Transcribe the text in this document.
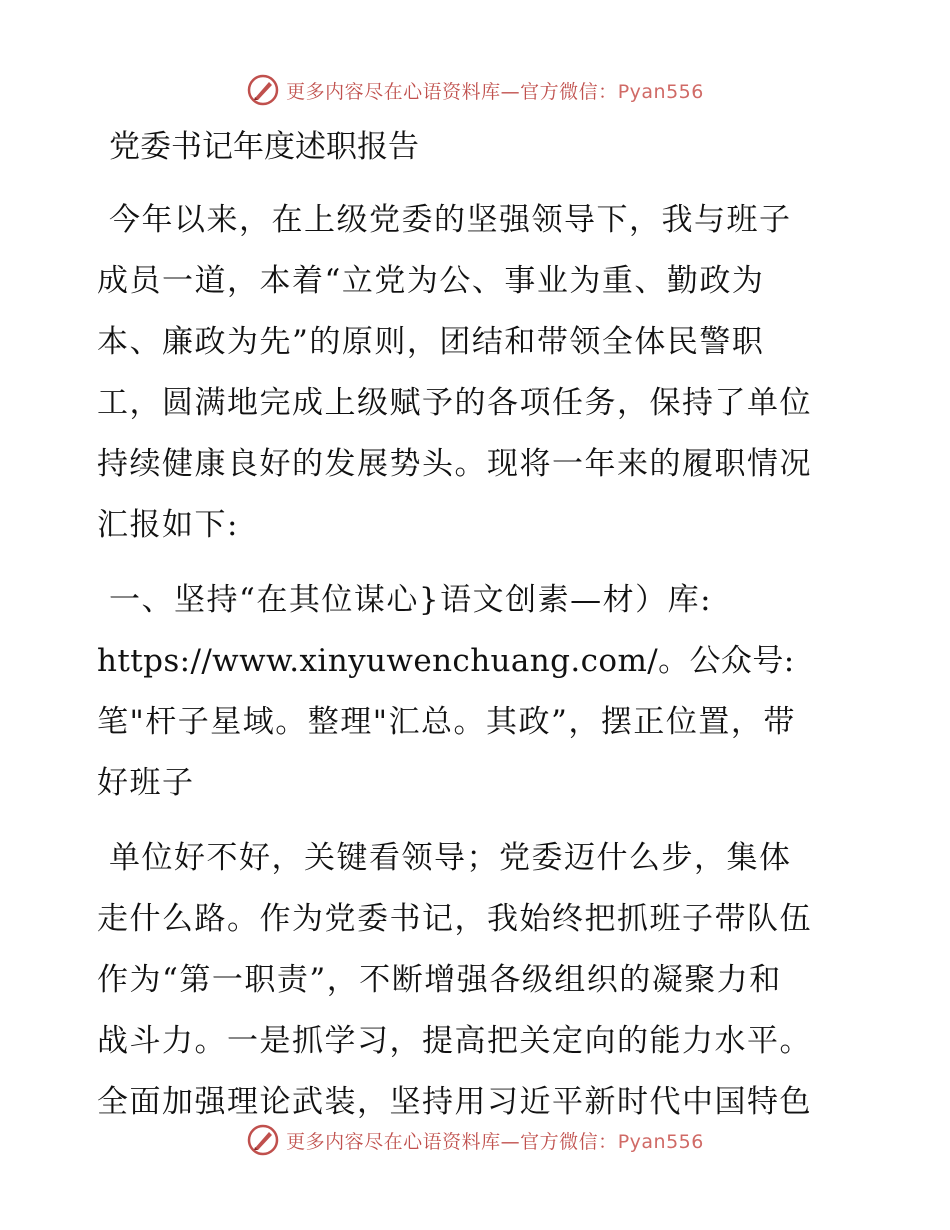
更多内容尽在心语资料库—官方微信：Pyan556
党委书记年度述职报告
今年以来，在上级党委的坚强领导下，我与班子
成员一道，本着“立党为公、事业为重、勤政为
本、廉政为先”的原则，团结和带领全体民警职
工，圆满地完成上级赋予的各项任务，保持了单位
持续健康良好的发展势头。现将一年来的履职情况
汇报如下:
一、坚持“在其位谋心}语文创素—材）库:
https://www.xinyuwenchuang.com/。公众号:
笔"杆子星域。整理"汇总。其政”，摆正位置，带
好班子
单位好不好，关键看领导；党委迈什么步，集体
走什么路。作为党委书记，我始终把抓班子带队伍
作为“第一职责”，不断增强各级组织的凝聚力和
战斗力。一是抓学习，提高把关定向的能力水平。
全面加强理论武装，坚持用习近平新时代中国特色
更多内容尽在心语资料库—官方微信：Pyan556
